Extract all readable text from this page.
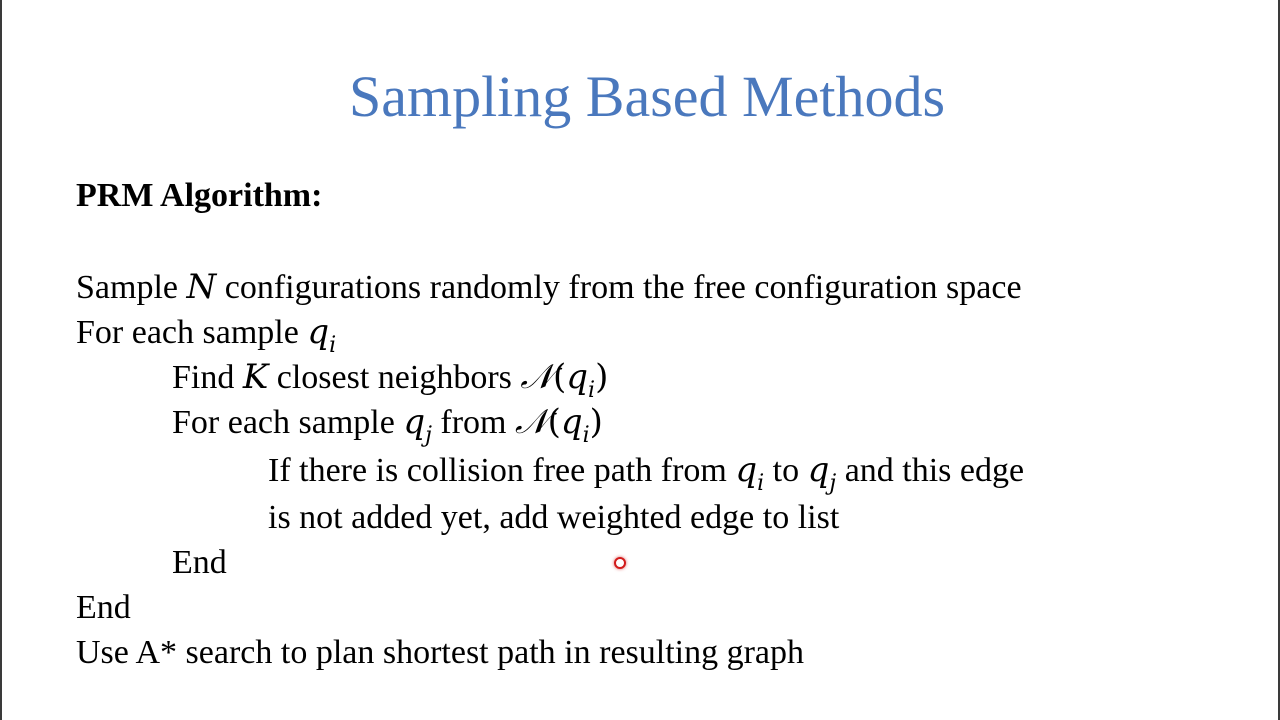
Sampling Based Methods
PRM Algorithm:
Sample N configurations randomly from the free configuration space
For each sample $q_i$
Find K closest neighbors $𝒩(q_i)$
For each sample $q_j$ from $𝒩(q_i)$
If there is collision free path from $q_i$ to $q_j$ and this edge
is not added yet, add weighted edge to list
End
End
Use A* search to plan shortest path in resulting graph
